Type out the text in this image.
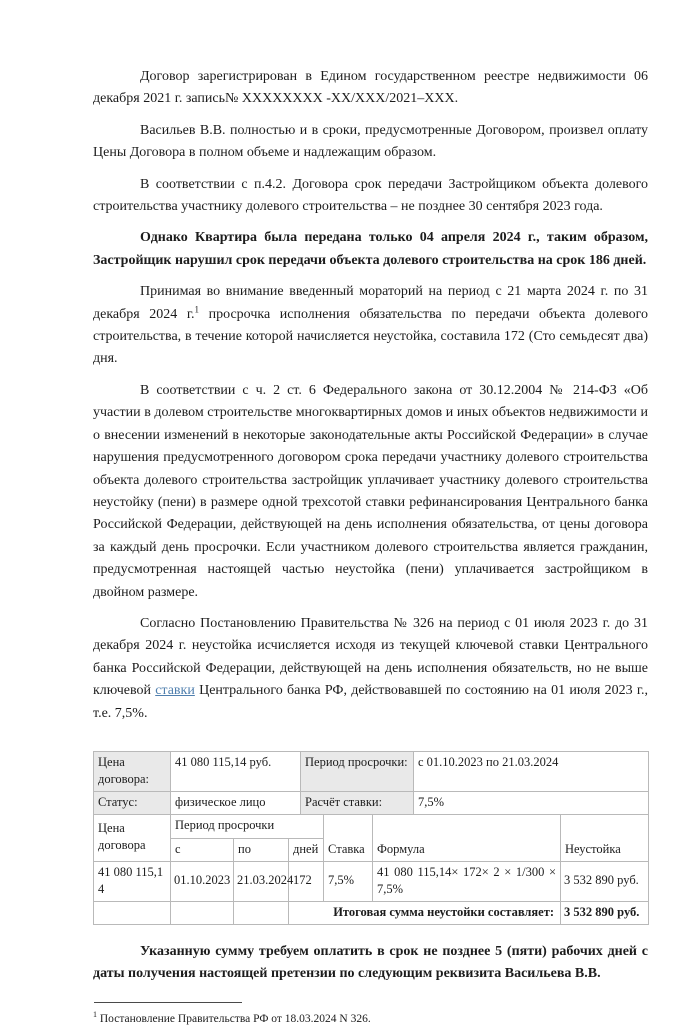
Договор зарегистрирован в Едином государственном реестре недвижимости 06 декабря 2021 г. запись№ XXXXXXXX -XX/XXX/2021–XXX.

Васильев В.В. полностью и в сроки, предусмотренные Договором, произвел оплату Цены Договора в полном объеме и надлежащим образом.

В соответствии с п.4.2. Договора срок передачи Застройщиком объекта долевого строительства участнику долевого строительства – не позднее 30 сентября 2023 года.

Однако Квартира была передана только 04 апреля 2024 г., таким образом, Застройщик нарушил срок передачи объекта долевого строительства на срок 186 дней.

Принимая во внимание введенный мораторий на период с 21 марта 2024 г. по 31 декабря 2024 г.$^1$ просрочка исполнения обязательства по передачи объекта долевого строительства, в течение которой начисляется неустойка, составила 172 (Сто семьдесят два) дня.

В соответствии с ч. 2 ст. 6 Федерального закона от 30.12.2004 № 214-ФЗ «Об участии в долевом строительстве многоквартирных домов и иных объектов недвижимости и о внесении изменений в некоторые законодательные акты Российской Федерации» в случае нарушения предусмотренного договором срока передачи участнику долевого строительства объекта долевого строительства застройщик уплачивает участнику долевого строительства неустойку (пени) в размере одной трехсотой ставки рефинансирования Центрального банка Российской Федерации, действующей на день исполнения обязательства, от цены договора за каждый день просрочки. Если участником долевого строительства является гражданин, предусмотренная настоящей частью неустойка (пени) уплачивается застройщиком в двойном размере.

Согласно Постановлению Правительства № 326 на период с 01 июля 2023 г. до 31 декабря 2024 г. неустойка исчисляется исходя из текущей ключевой ставки Центрального банка Российской Федерации, действующей на день исполнения обязательств, но не выше ключевой ставки Центрального банка РФ, действовавшей по состоянию на 01 июля 2023 г., т.е. 7,5%.

Цена договора:	41 080 115,14 руб.	Период просрочки:	с 01.10.2023 по 21.03.2024
Статус:	физическое лицо	Расчёт ставки:	7,5%
Цена договора	Период просрочки			Ставка	Формула	Неустойка
	с	по	дней			
41 080 115,14	01.10.2023	21.03.2024	172	7,5%	41 080 115,14× 172× 2 × 1/300 × 7,5%	3 532 890 руб.
			Итоговая сумма неустойки составляет:			3 532 890 руб.

Указанную сумму требуем оплатить в срок не позднее 5 (пяти) рабочих дней с даты получения настоящей претензии по следующим реквизита Васильева В.В.

$^1$ Постановление Правительства РФ от 18.03.2024 N 326.
